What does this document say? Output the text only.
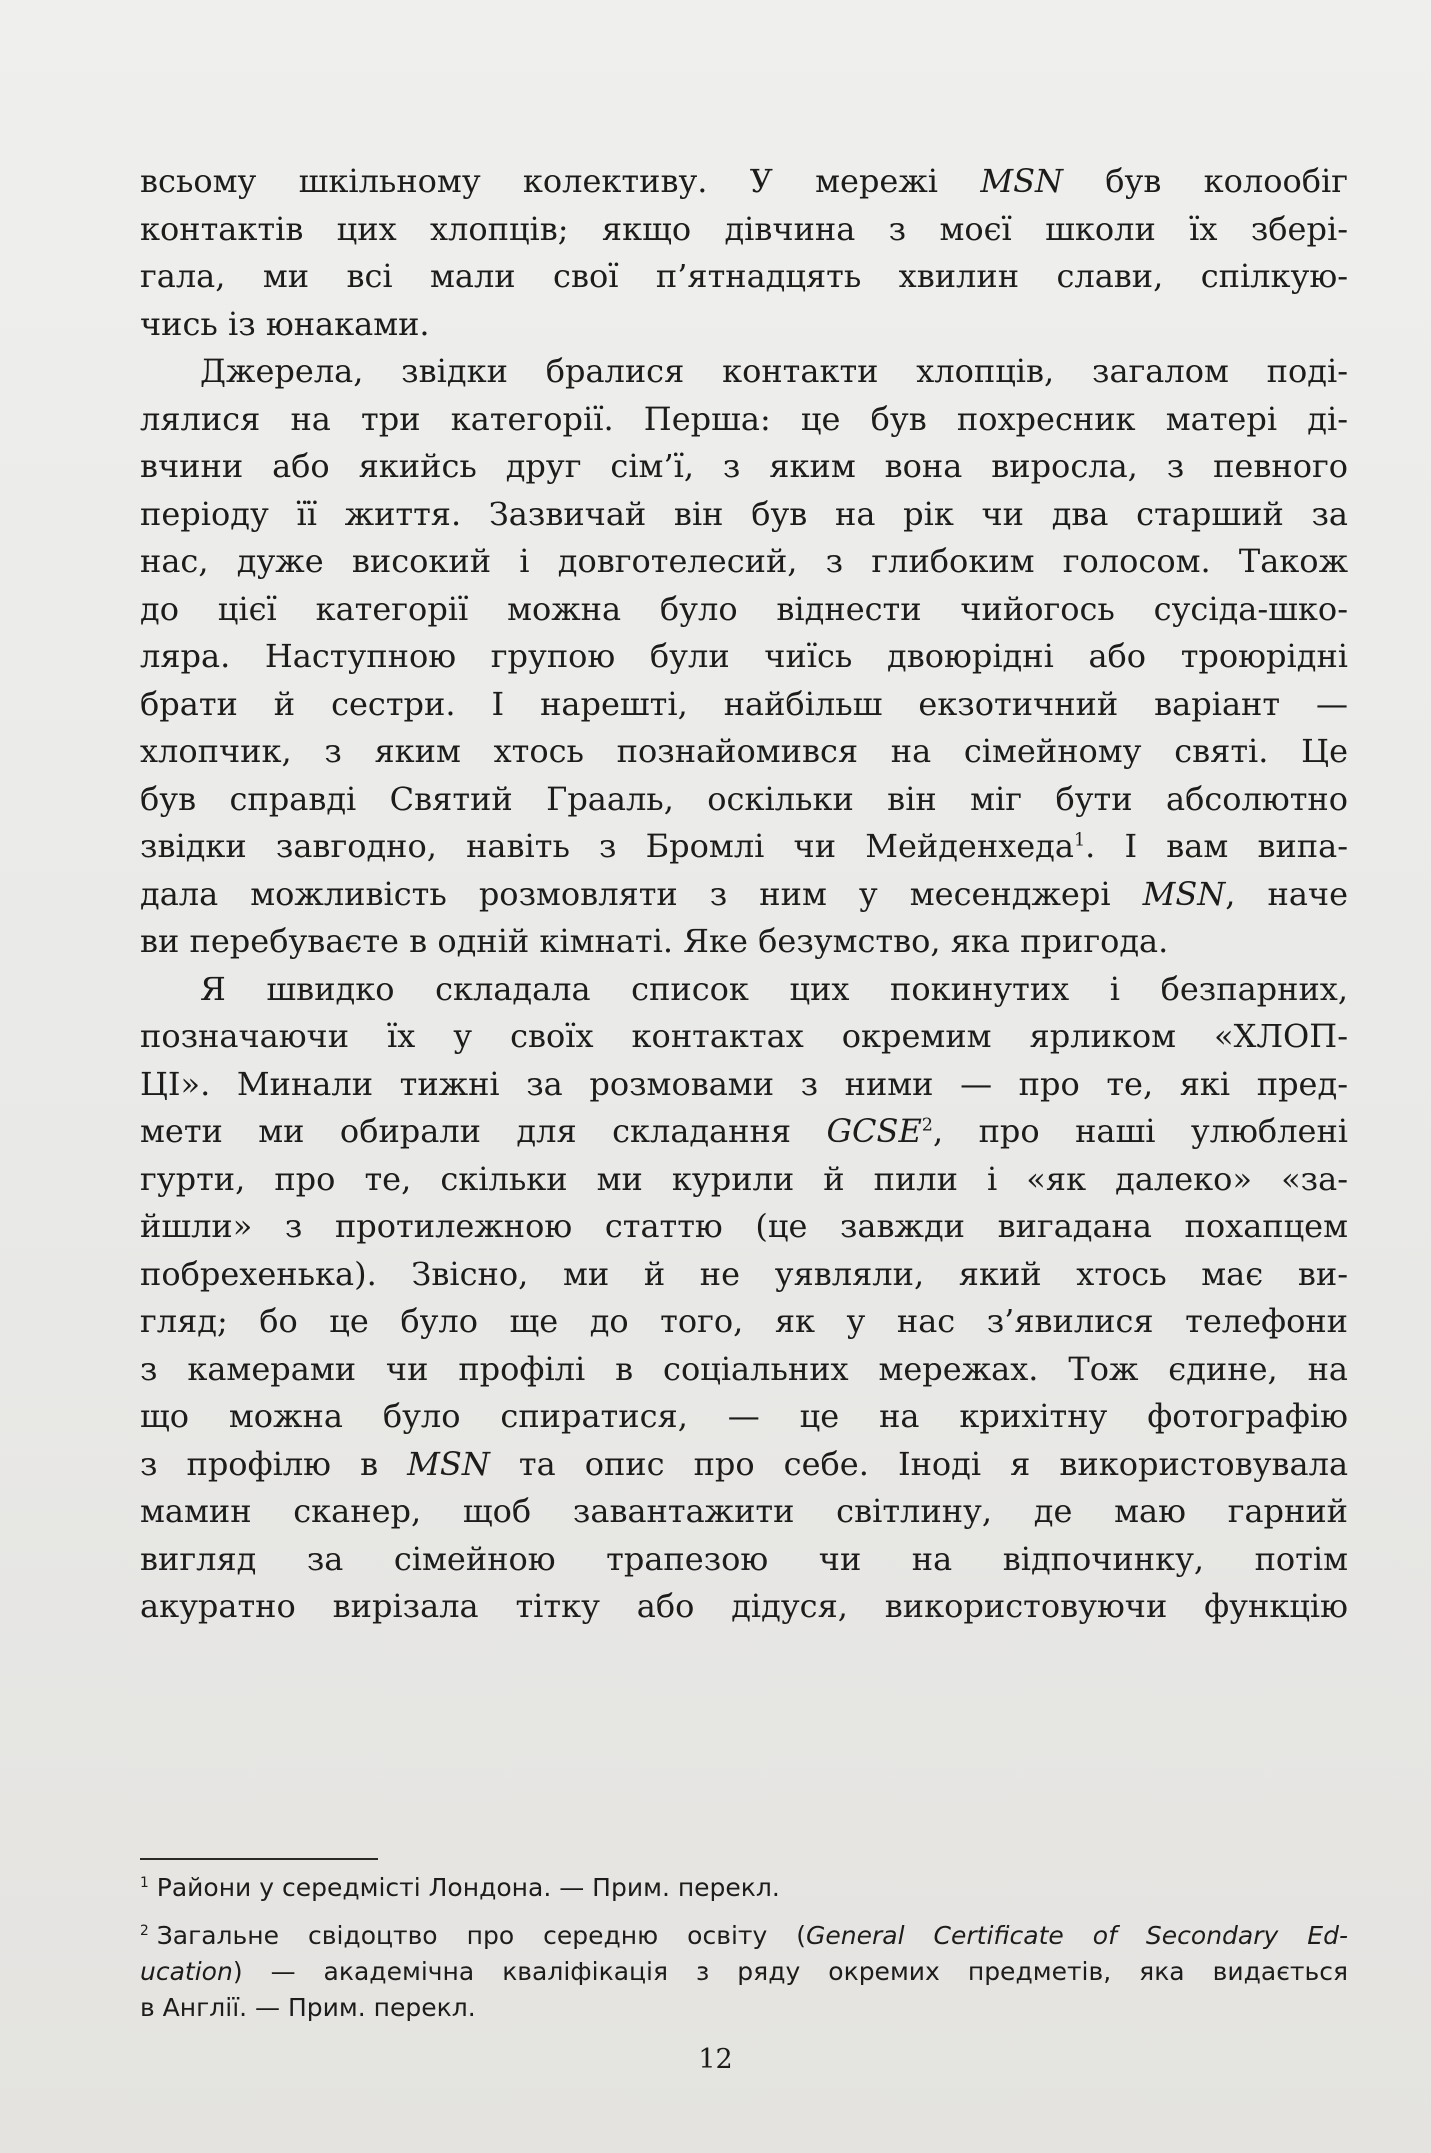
всьому шкільному колективу. У мережі MSN був колообіг
контактів цих хлопців; якщо дівчина з моєї школи їх збері-
гала, ми всі мали свої п’ятнадцять хвилин слави, спілкую-
чись із юнаками.
Джерела, звідки бралися контакти хлопців, загалом поді-
лялися на три категорії. Перша: це був похресник матері ді-
вчини або якийсь друг сім’ї, з яким вона виросла, з певного
періоду її життя. Зазвичай він був на рік чи два старший за
нас, дуже високий і довготелесий, з глибоким голосом. Також
до цієї категорії можна було віднести чийогось сусіда-шко-
ляра. Наступною групою були чиїсь двоюрідні або троюрідні
брати й сестри. І нарешті, найбільш екзотичний варіант —
хлопчик, з яким хтось познайомився на сімейному святі. Це
був справді Святий Грааль, оскільки він міг бути абсолютно
звідки завгодно, навіть з Бромлі чи Мейденхеда$^1$. І вам випа-
дала можливість розмовляти з ним у месенджері MSN, наче
ви перебуваєте в одній кімнаті. Яке безумство, яка пригода.
Я швидко складала список цих покинутих і безпарних,
позначаючи їх у своїх контактах окремим ярликом «ХЛОП-
ЦІ». Минали тижні за розмовами з ними — про те, які пред-
мети ми обирали для складання GCSE$^2$, про наші улюблені
гурти, про те, скільки ми курили й пили і «як далеко» «за-
йшли» з протилежною статтю (це завжди вигадана похапцем
побрехенька). Звісно, ми й не уявляли, який хтось має ви-
гляд; бо це було ще до того, як у нас з’явилися телефони
з камерами чи профілі в соціальних мережах. Тож єдине, на
що можна було спиратися, — це на крихітну фотографію
з профілю в MSN та опис про себе. Іноді я використовувала
мамин сканер, щоб завантажити світлину, де маю гарний
вигляд за сімейною трапезою чи на відпочинку, потім
акуратно вирізала тітку або дідуся, використовуючи функцію
$^1$ Райони у середмісті Лондона. — Прим. перекл.
$^2$ Загальне свідоцтво про середню освіту (General Certificate of Secondary Ed-
ucation) — академічна кваліфікація з ряду окремих предметів, яка видається
в Англії. — Прим. перекл.
12
